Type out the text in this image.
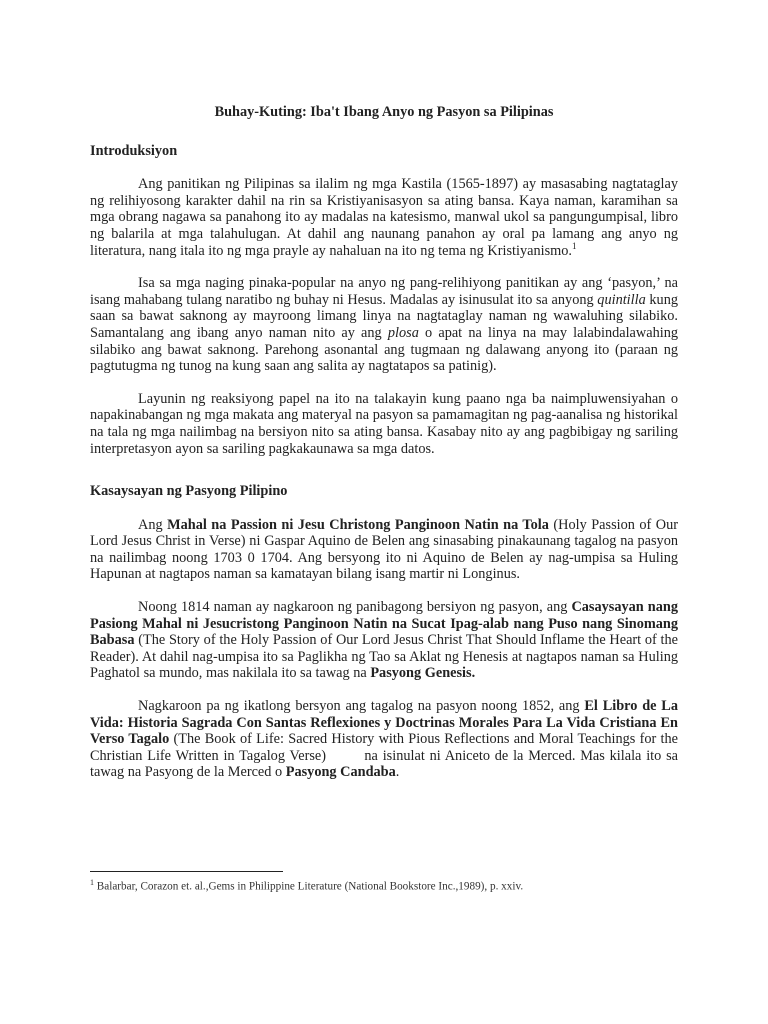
Buhay-Kuting: Iba't Ibang Anyo ng Pasyon sa Pilipinas
Introduksiyon

Ang panitikan ng Pilipinas sa ilalim ng mga Kastila (1565-1897) ay masasabing nagtataglay ng relihiyosong karakter dahil na rin sa Kristiyanisasyon sa ating bansa. Kaya naman, karamihan sa mga obrang nagawa sa panahong ito ay madalas na katesismo, manwal ukol sa pangungumpisal, libro ng balarila at mga talahulugan. At dahil ang naunang panahon ay oral pa lamang ang anyo ng literatura, nang itala ito ng mga prayle ay nahaluan na ito ng tema ng Kristiyanismo.$^1$

Isa sa mga naging pinaka-popular na anyo ng pang-relihiyong panitikan ay ang ‘pasyon,’ na isang mahabang tulang naratibo ng buhay ni Hesus. Madalas ay isinusulat ito sa anyong quintilla kung saan sa bawat saknong ay mayroong limang linya na nagtataglay naman ng wawaluhing silabiko. Samantalang ang ibang anyo naman nito ay ang plosa o apat na linya na may lalabindalawahing silabiko ang bawat saknong. Parehong asonantal ang tugmaan ng dalawang anyong ito (paraan ng pagtutugma ng tunog na kung saan ang salita ay nagtatapos sa patinig).

Layunin ng reaksiyong papel na ito na talakayin kung paano nga ba naimpluwensiyahan o napakinabangan ng mga makata ang materyal na pasyon sa pamamagitan ng pag-aanalisa ng historikal na tala ng mga nailimbag na bersiyon nito sa ating bansa. Kasabay nito ay ang pagbibigay ng sariling interpretasyon ayon sa sariling pagkakaunawa sa mga datos.

Kasaysayan ng Pasyong Pilipino

Ang Mahal na Passion ni Jesu Christong Panginoon Natin na Tola (Holy Passion of Our Lord Jesus Christ in Verse) ni Gaspar Aquino de Belen ang sinasabing pinakaunang tagalog na pasyon na nailimbag noong 1703 0 1704. Ang bersyong ito ni Aquino de Belen ay nag-umpisa sa Huling Hapunan at nagtapos naman sa kamatayan bilang isang martir ni Longinus.

Noong 1814 naman ay nagkaroon ng panibagong bersiyon ng pasyon, ang Casaysayan nang Pasiong Mahal ni Jesucristong Panginoon Natin na Sucat Ipag-alab nang Puso nang Sinomang Babasa (The Story of the Holy Passion of Our Lord Jesus Christ That Should Inflame the Heart of the Reader). At dahil nag-umpisa ito sa Paglikha ng Tao sa Aklat ng Henesis at nagtapos naman sa Huling Paghatol sa mundo, mas nakilala ito sa tawag na Pasyong Genesis.

Nagkaroon pa ng ikatlong bersyon ang tagalog na pasyon noong 1852, ang El Libro de La Vida: Historia Sagrada Con Santas Reflexiones y Doctrinas Morales Para La Vida Cristiana En Verso Tagalo (The Book of Life: Sacred History with Pious Reflections and Moral Teachings for the Christian Life Written in Tagalog Verse)        na isinulat ni Aniceto de la Merced. Mas kilala ito sa tawag na Pasyong de la Merced o Pasyong Candaba.

$^1$ Balarbar, Corazon et. al.,Gems in Philippine Literature (National Bookstore Inc.,1989), p. xxiv.
